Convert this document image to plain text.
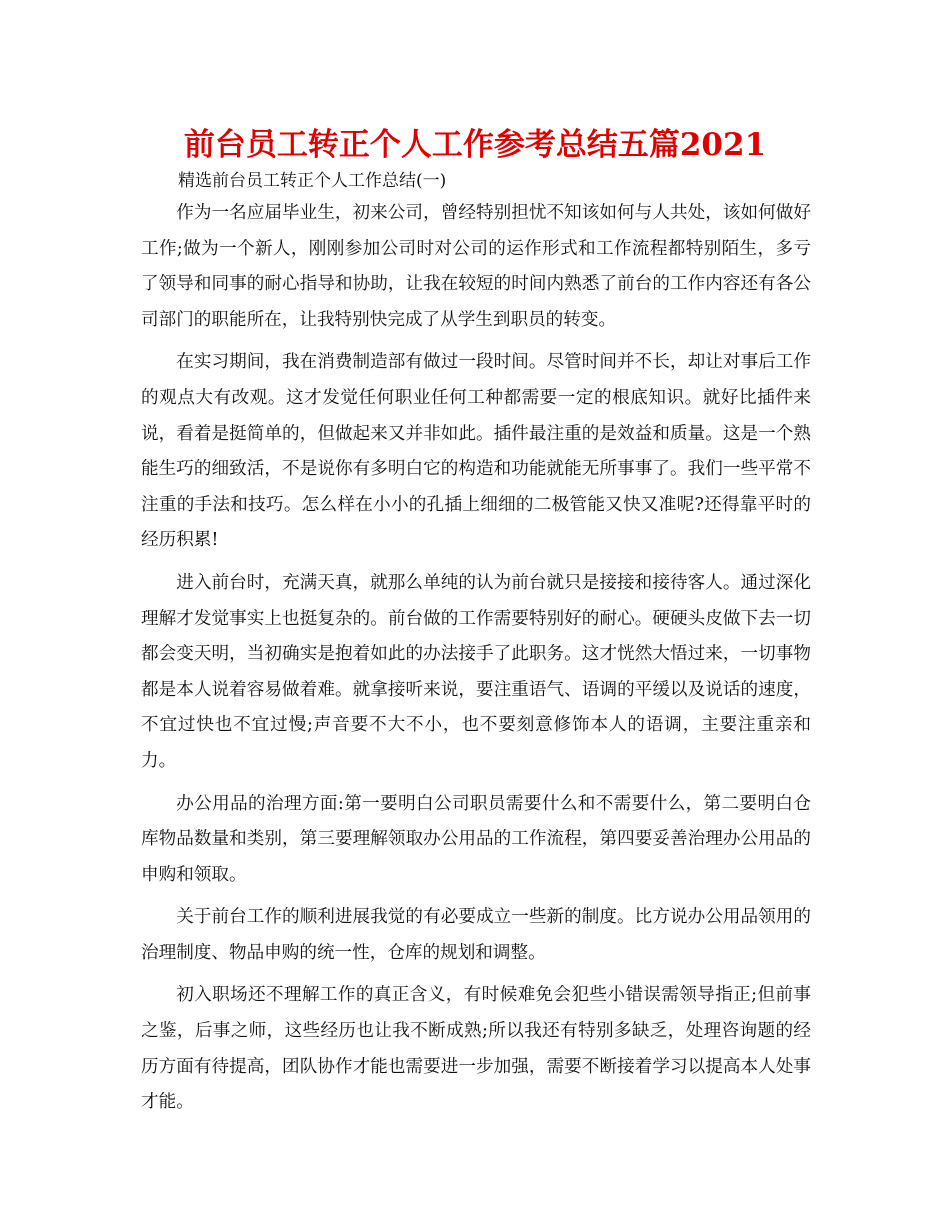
前台员工转正个人工作参考总结五篇2021

精选前台员工转正个人工作总结(一)

作为一名应届毕业生，初来公司，曾经特别担忧不知该如何与人共处，该如何做好工作;做为一个新人，刚刚参加公司时对公司的运作形式和工作流程都特别陌生，多亏了领导和同事的耐心指导和协助，让我在较短的时间内熟悉了前台的工作内容还有各公司部门的职能所在，让我特别快完成了从学生到职员的转变。

在实习期间，我在消费制造部有做过一段时间。尽管时间并不长，却让对事后工作的观点大有改观。这才发觉任何职业任何工种都需要一定的根底知识。就好比插件来说，看着是挺简单的，但做起来又并非如此。插件最注重的是效益和质量。这是一个熟能生巧的细致活，不是说你有多明白它的构造和功能就能无所事事了。我们一些平常不注重的手法和技巧。怎么样在小小的孔插上细细的二极管能又快又准呢?还得靠平时的经历积累!

进入前台时，充满天真，就那么单纯的认为前台就只是接接和接待客人。通过深化理解才发觉事实上也挺复杂的。前台做的工作需要特别好的耐心。硬硬头皮做下去一切都会变天明，当初确实是抱着如此的办法接手了此职务。这才恍然大悟过来，一切事物都是本人说着容易做着难。就拿接听来说，要注重语气、语调的平缓以及说话的速度，不宜过快也不宜过慢;声音要不大不小，也不要刻意修饰本人的语调，主要注重亲和力。

办公用品的治理方面:第一要明白公司职员需要什么和不需要什么，第二要明白仓库物品数量和类别，第三要理解领取办公用品的工作流程，第四要妥善治理办公用品的申购和领取。

关于前台工作的顺利进展我觉的有必要成立一些新的制度。比方说办公用品领用的治理制度、物品申购的统一性，仓库的规划和调整。

初入职场还不理解工作的真正含义，有时候难免会犯些小错误需领导指正;但前事之鉴，后事之师，这些经历也让我不断成熟;所以我还有特别多缺乏，处理咨询题的经历方面有待提高，团队协作才能也需要进一步加强，需要不断接着学习以提高本人处事才能。
